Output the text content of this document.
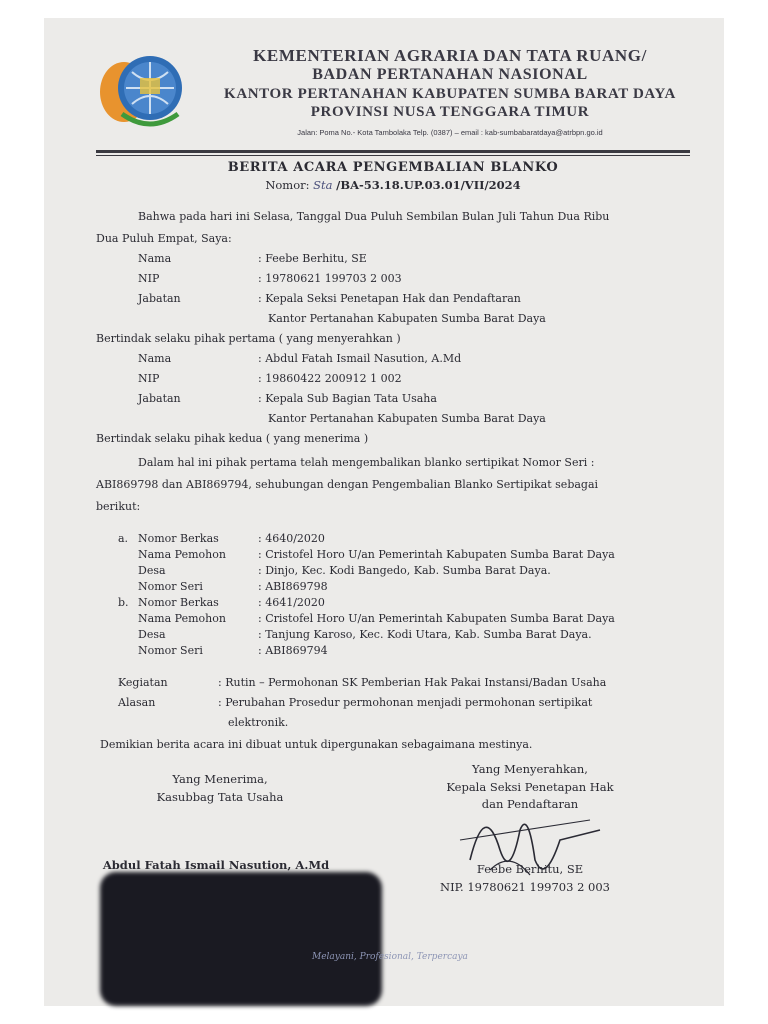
KEMENTERIAN AGRARIA DAN TATA RUANG/
BADAN PERTANAHAN NASIONAL
KANTOR PERTANAHAN KABUPATEN SUMBA BARAT DAYA
PROVINSI NUSA TENGGARA TIMUR
Jalan: Poma No.- Kota Tambolaka Telp. (0387) – email : kab-sumbabaratdaya@atrbpn.go.id
BERITA ACARA PENGEMBALIAN BLANKO
Nomor: Sta /BA-53.18.UP.03.01/VII/2024
Bahwa pada hari ini Selasa, Tanggal Dua Puluh Sembilan Bulan Juli Tahun Dua Ribu
Dua Puluh Empat, Saya:
Nama	: Feebe Berhitu, SE
NIP	: 19780621 199703 2 003
Jabatan	: Kepala Seksi Penetapan Hak dan Pendaftaran
Kantor Pertanahan Kabupaten Sumba Barat Daya
Bertindak selaku pihak pertama ( yang menyerahkan )
Nama	: Abdul Fatah Ismail Nasution, A.Md
NIP	: 19860422 200912 1 002
Jabatan	: Kepala Sub Bagian Tata Usaha
Kantor Pertanahan Kabupaten Sumba Barat Daya
Bertindak selaku pihak kedua ( yang menerima )
Dalam hal ini pihak pertama telah mengembalikan blanko sertipikat Nomor Seri :
ABI869798 dan ABI869794, sehubungan dengan Pengembalian Blanko Sertipikat sebagai
berikut:
a. Nomor Berkas	: 4640/2020
Nama Pemohon	: Cristofel Horo U/an Pemerintah Kabupaten Sumba Barat Daya
Desa	: Dinjo, Kec. Kodi Bangedo, Kab. Sumba Barat Daya.
Nomor Seri	: ABI869798
b. Nomor Berkas	: 4641/2020
Nama Pemohon	: Cristofel Horo U/an Pemerintah Kabupaten Sumba Barat Daya
Desa	: Tanjung Karoso, Kec. Kodi Utara, Kab. Sumba Barat Daya.
Nomor Seri	: ABI869794
Kegiatan	: Rutin – Permohonan SK Pemberian Hak Pakai Instansi/Badan Usaha
Alasan	: Perubahan Prosedur permohonan menjadi permohonan sertipikat
elektronik.
Demikian berita acara ini dibuat untuk dipergunakan sebagaimana mestinya.
Yang Menerima,
Kasubbag Tata Usaha
Yang Menyerahkan,
Kepala Seksi Penetapan Hak
dan Pendaftaran
Abdul Fatah Ismail Nasution, A.Md	Feebe Berhitu, SE
NIP. 19780621 199703 2 003
Melayani, Profesional, Terpercaya
